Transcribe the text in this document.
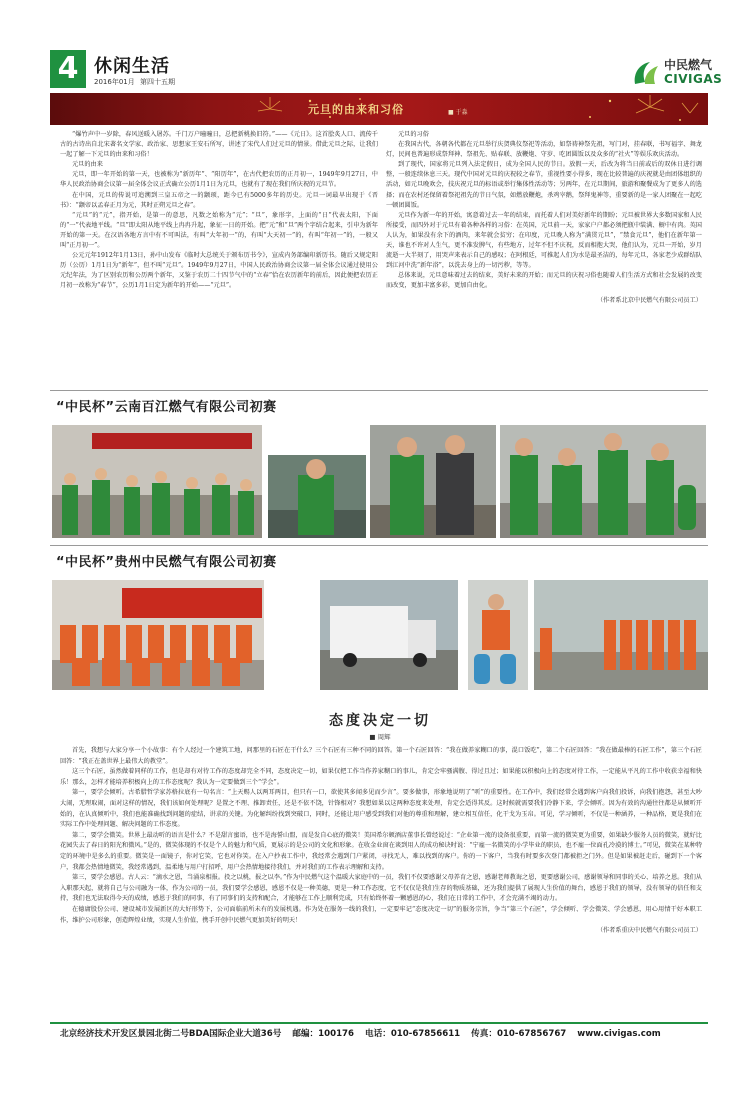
4 休闲生活
2016年01月 第四十五期
中民燃气
CIVIGAS
元旦的由来和习俗	■ 于淼

“爆竹声中一岁除，春风送暖入屠苏。千门万户曈曈日，总把新桃换旧符。”——《元日》。这首脍炙人口、流传千古的古诗出自北宋著名文学家、政治家、思想家王安石所写，讲述了宋代人们过元旦的情景。借此元旦之际，让我们一起了解一下元旦的由来和习俗！

元旦的由来

元旦，即一年开始的第一天，也被称为“新历年”、“阳历年”，在古代把农历的正月初一，1949年9月27日，中华人民政治协商会议第一届全体会议正式确立公历1月1日为元旦，也就有了现在我们所庆祝的元旦节。

在中国，元旦的传说可追溯到三皇五帝之一的颛顼，距今已有5000多年的历史。元旦一词最早出现于《晋书》：“颛帝以孟春正月为元，其时正朔元旦之春”。

“元旦”的“元”，指开始，是第一的意思，凡数之始称为“元”；“旦”，象形字，上面的“日”代表太阳，下面的“一”代表地平线。“旦”即太阳从地平线上冉冉升起，象征一日的开始。把“元”和“旦”两个字结合起来，引申为新年开始的第一天。在汉语各地方言中有不可叫法，有叫“大年初一”的，有叫“大天初一”的，有叫“年初一”的，一般又叫“正月初一”。

公元元年1912年1月13日，孙中山发布《临时大总统关于颁布历书令》，宣成内务部编印新历书。随后又规定阳历（公历）1月1日为“新年”，但不叫“元旦”。1949年9月27日，中国人民政治协商会议第一届全体会议通过使用公元纪年法，为了区别农历和公历两个新年，又鉴于农历二十四节气中的“立春”恰在农历新年的前后，因此便把农历正月初一改称为“春节”，公历1月1日定为新年的开始——“元旦”。

元旦的习俗

在我国古代，各朝各代都在元旦举行庆贺典仪祭祀等活动，如祭祷神祭先祖，写门对，挂春联，书写福字、舞龙灯，民间也普遍形成祭拜神、祭祖先、贴春联、放鞭炮、守岁、吃团圆饭以及众多的“社火”等娱乐欢庆活动。

到了现代，国家将元旦列入法定假日，成为全国人民的节日。放假一天，后改为将当日前或后的双休日进行调整，一般连续休息三天。现代中国对元旦的庆祝较之春节，重视性要小得多，现在比较普遍的庆祝就是由团体组织的活动，如元旦晚欢会，技庆祝元旦的标语或举行集体性活动等；另两年，在元旦期间，旅游和聚餐成为了更多人的选择；而在农村还保留着祭祀祖先的节日气氛，如燃放鞭炮，杀鸡宰鹅，祭拜鬼神等，重要新的是一家人团聚在一起吃一顿团圆饭。

元旦作为新一年的开始，寓意着过去一年的结束，而托着人们对美好新年的期盼；元旦被世界大多数国家和人民所接受，而四外对于元旦有着各种各样的习俗：在英国，元旦前一天，家家户户都必须把瓶中装满、橱中有肉。英国人认为，如果没有余下的酒肉，来年就会贫穷；在印度，元旦晚人称为“满贯元旦”，“禁食元旦”，他们在新年第一天，谁也不许对人生气，更不准发脾气，有些地方，过年不但不庆祝，反而相抱大哭，他们认为，元旦一开始，岁月流逝一大半刻了，用哭声来表示自己的感叹；在阿根廷，可推起人们为水是最圣洁的，每年元旦，各家老少成群结队到江河中洗“新年浴”，以洗去身上的一切污秽，等等。

总体来说，元旦意味着过去的结束，美好未来的开始；而元旦的庆祝习俗也随着人们生活方式和社会发展的改变而改变，更加丰富多彩，更加自由化。

（作者系北京中民燃气有限公司员工）
“中民杯”云南百江燃气有限公司初赛
“中民杯”贵州中民燃气有限公司初赛
态度决定一切
■ 周辉

首先，我想与大家分享一个小故事：有个人经过一个建筑工地，问那里的石匠在干什么？三个石匠有三种不同的回答。第一个石匠回答：“我在做养家糊口的事，混口饭吃”，第二个石匠回答：“我在做最棒的石匠工作”，第三个石匠回答：“我正在盖世界上最伟大的教堂”。

这三个石匠，虽然做着同样的工作，但是却有对待工作的态度却完全不同，态度决定一切，如果仅把工作当作养家糊口的事儿，肯定会牢骚满腹、得过且过；如果能以积极向上的态度对待工作，一定能从平凡的工作中收获幸福和快乐！那么，怎样才能培养积极向上的工作态度呢？我认为一定要做到三个“学会”。

第一，要学会倾听。古希腊哲学家苏格拉底有一句名言：“上天赐人以两耳两目，但只有一口，欲使其多闻多见而少言”。要多做事，形象地说明了“听”的重要性。在工作中，我们经常会遇到客户向我们投诉，向我们抱怨，甚至大吵大闹，无理取闹，面对这样的情况，我们该如何处理呢？是置之不理、推卸责任，还是不依不饶，针锋相对？我想如果以这两种态度来处理，肯定会适得其反。这时候就需要我们冷静下来，学会倾听。因为有效的沟通往往都是从倾听开始的，在认真倾听中，我们也能准确找到问题的症结，讲求的关键。为化解纠纷找到突破口，同时，还能让用户感受到我们对他的尊重和理解，建立相互信任，化干戈为玉帛。可见，学习倾听，不仅是一种涵养，一种品格，更是我们在实际工作中处理问题、解决问题的工作态度。

第二，要学会微笑。世界上最动听的语言是什么？不是甜言蜜语，也不是海誓山盟，而是发自心底的微笑！美国希尔顿酒店董事长曾经说过：“企业第一流的设备很重要，而第一流的微笑更为重要，如果缺少服务人员的微笑，就好比花园失去了春日的阳光和微风。”是的，微笑体现的不仅是个人的魅力和气质，更展示的是公司的文化和形象。在收金业窗在谈到用人的成功秘诀时说：“宁雇一名微笑的小学毕业的职员，也不雇一位面孔冷漠的博士。”可见，微笑在某种特定的环境中是多么的重要。微笑是一面镜子，你对它笑，它也对你笑。在入户抄表工作中，我经常会遇到门户紧闭，寻找无人，难以找到的客户。你的一下客户，当我有时要多次登门都被拒之门外。但是如果被赶走后，碰到下一个客户，我都会热情地微笑，我经常遇到，温柔地与用户打招呼，用户会热情地接待我们，并对我们的工作表示理解和支持。

第三，要学会感恩。古人云：“滴水之恩，当涌泉相报。投之以桃，报之以李。”作为中民燃气这个温暖大家庭中的一员，我们不仅要感谢父母养育之恩，感谢老师教诲之恩，更要感谢公司，感谢领导和同事的关心、培养之恩。我们从入职那天起，就将自己与公司融为一体，作为公司的一员，我们要学会感恩，感恩不仅是一种美德，更是一种工作态度，它不仅仅是我们生存的物质基础，还为我们提供了展现人生价值的舞台，感恩于我们的领导，没有领导的信任和支持，我们也无法取得今天的成绩，感恩于我们的同事，有了同事们的支持和配合，才能够在工作上顺利完成，只有始终怀着一颗感恩的心，我们在日常的工作中，才会充满不竭的动力。

在德庸股份公司、建设城市发展新区的大好形势下，公司面临前所未有的发展机遇。作为处在服务一线的我们，一定要牢记“态度决定一切”的服务宗旨，争当“第三个石匠”，学会倾听、学会微笑、学会感恩，用心用情干好本职工作，维护公司形象，创造辉煌业绩，实现人生价值，携手开创中民燃气更加美好的明天！

（作者系重庆中民燃气有限公司员工）
北京经济技术开发区景园北街二号BDA国际企业大道36号 邮编：100176 电话：010-67856611 传真：010-67856767 www.civigas.com
